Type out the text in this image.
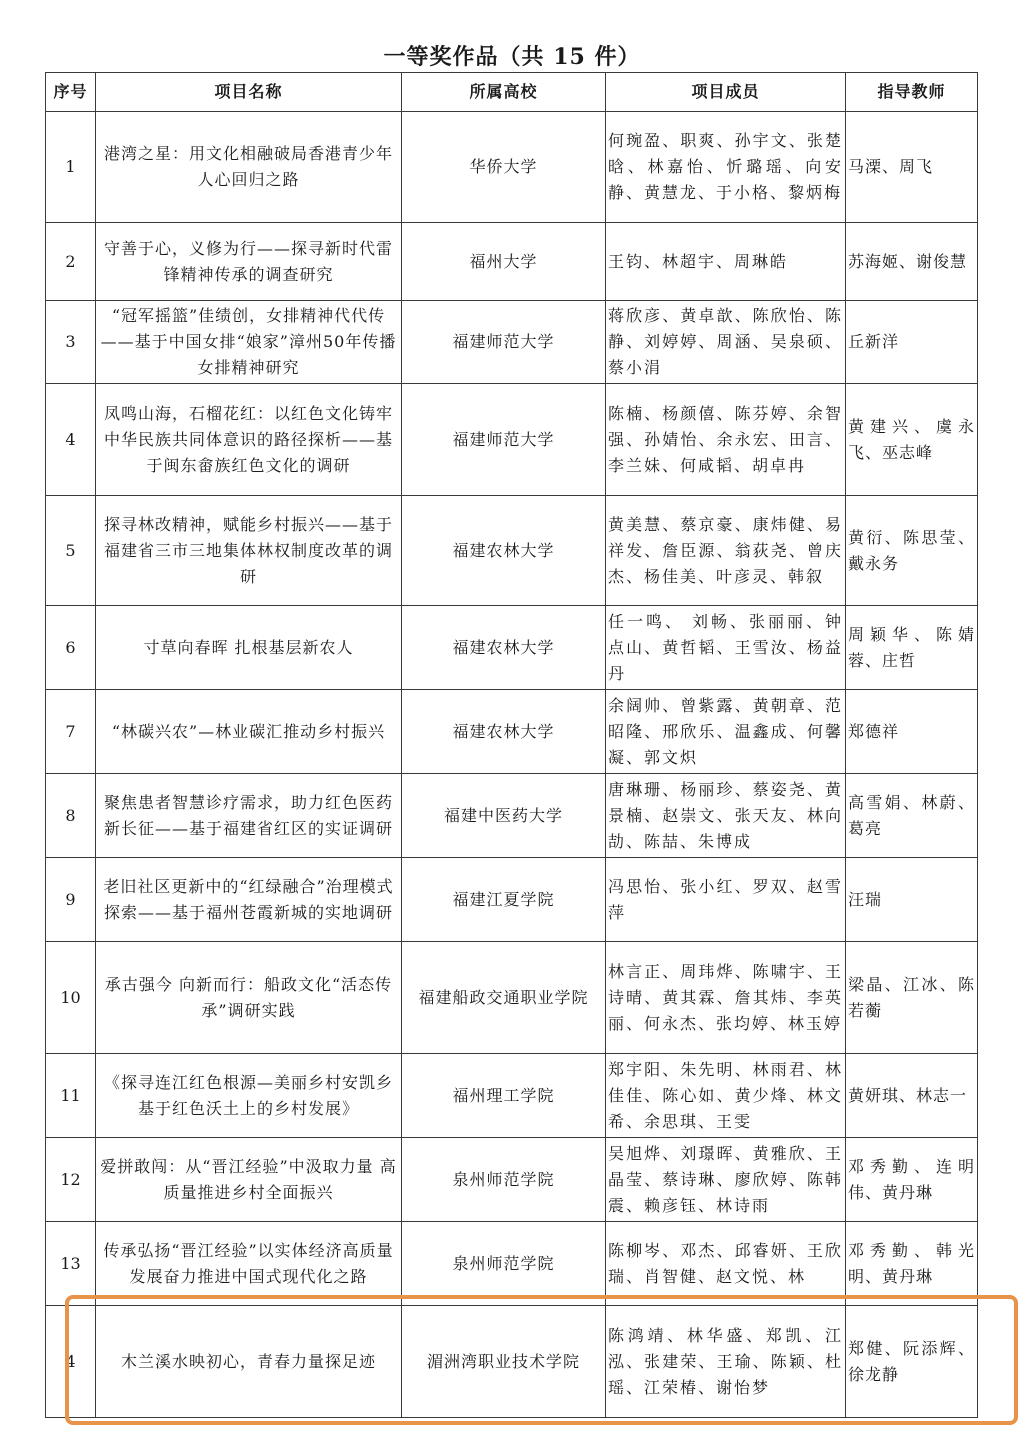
一等奖作品（共 15 件）
序号	项目名称	所属高校	项目成员	指导教师
1	港湾之星：用文化相融破局香港青少年人心回归之路	华侨大学	何琬盈、职爽、孙宇文、张楚晗、林嘉怡、忻璐瑶、向安静、黄慧龙、于小格、黎炳梅	马溧、周飞
2	守善于心，义修为行——探寻新时代雷锋精神传承的调查研究	福州大学	王钧、林超宇、周琳皓	苏海姬、谢俊慧
3	“冠军摇篮”佳绩创，女排精神代代传——基于中国女排“娘家”漳州50年传播女排精神研究	福建师范大学	蒋欣彦、黄卓歆、陈欣怡、陈静、刘婷婷、周涵、吴泉硕、蔡小涓	丘新洋
4	凤鸣山海，石榴花红：以红色文化铸牢中华民族共同体意识的路径探析——基于闽东畲族红色文化的调研	福建师范大学	陈楠、杨颜僖、陈芬婷、余智强、孙婧怡、余永宏、田言、李兰妹、何咸韬、胡卓冉	黄建兴、虞永飞、巫志峰
5	探寻林改精神，赋能乡村振兴——基于福建省三市三地集体林权制度改革的调研	福建农林大学	黄美慧、蔡京豪、康炜健、易祥发、詹臣源、翁荻尧、曾庆杰、杨佳美、叶彦灵、韩叙	黄衍、陈思莹、戴永务
6	寸草向春晖 扎根基层新农人	福建农林大学	任一鸣、 刘畅、张丽丽、钟点山、黄哲韬、王雪汝、杨益丹	周颖华、陈婧蓉、庄哲
7	“林碳兴农”—林业碳汇推动乡村振兴	福建农林大学	余阔帅、曾紫露、黄朝章、范昭隆、邢欣乐、温鑫成、何馨凝、郭文炽	郑德祥
8	聚焦患者智慧诊疗需求，助力红色医药新长征——基于福建省红区的实证调研	福建中医药大学	唐琳珊、杨丽珍、蔡姿尧、黄景楠、赵崇文、张天友、林向劼、陈喆、朱博成	高雪娟、林蔚、葛亮
9	老旧社区更新中的“红绿融合”治理模式探索——基于福州苍霞新城的实地调研	福建江夏学院	冯思怡、张小红、罗双、赵雪萍	汪瑞
10	承古强今 向新而行：船政文化“活态传承”调研实践	福建船政交通职业学院	林言正、周玮烨、陈啸宇、王诗晴、黄其霖、詹其炜、李英丽、何永杰、张均婷、林玉婷	梁晶、江冰、陈若蘅
11	《探寻连江红色根源—美丽乡村安凯乡基于红色沃土上的乡村发展》	福州理工学院	郑宇阳、朱先明、林雨君、林佳佳、陈心如、黄少烽、林文希、余思琪、王雯	黄妍琪、林志一
12	爱拼敢闯：从“晋江经验”中汲取力量 高质量推进乡村全面振兴	泉州师范学院	吴旭烨、刘璟晖、黄雅欣、王晶莹、蔡诗琳、廖欣婷、陈韩震、赖彦钰、林诗雨	邓秀勤、连明伟、黄丹琳
13	传承弘扬“晋江经验”以实体经济高质量发展奋力推进中国式现代化之路	泉州师范学院	陈柳岑、邓杰、邱睿妍、王欣瑞、肖智健、赵文悦、林	邓秀勤、韩光明、黄丹琳
4	木兰溪水映初心，青春力量探足迹	湄洲湾职业技术学院	陈鸿靖、林华盛、郑凯、江泓、张建荣、王瑜、陈颖、杜瑶、江荣椿、谢怡梦	郑健、阮添辉、徐龙静
